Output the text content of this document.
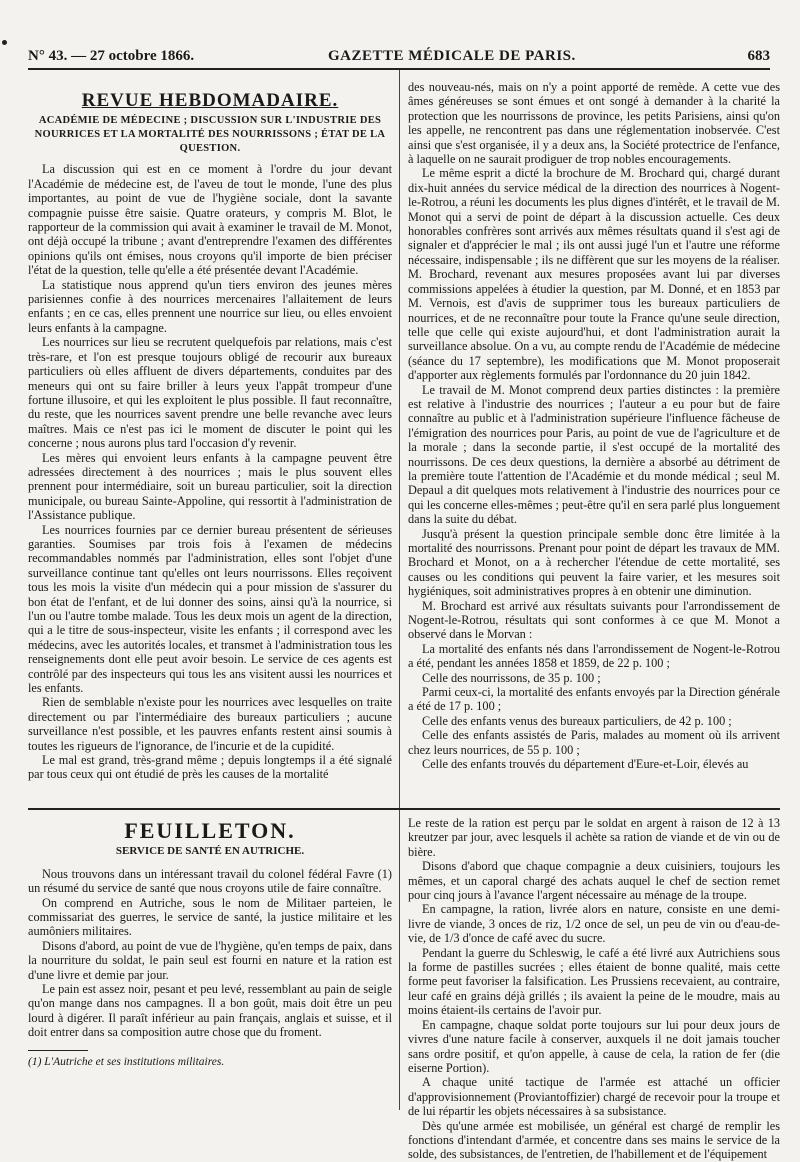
N° 43. — 27 octobre 1866.	GAZETTE MÉDICALE DE PARIS.	683
REVUE HEBDOMADAIRE.
ACADÉMIE DE MÉDECINE ; DISCUSSION SUR L'INDUSTRIE DES NOURRICES ET LA MORTALITÉ DES NOURRISSONS ; ÉTAT DE LA QUESTION.

La discussion qui est en ce moment à l'ordre du jour devant l'Académie de médecine est, de l'aveu de tout le monde, l'une des plus importantes, au point de vue de l'hygiène sociale, dont la savante compagnie puisse être saisie. Quatre orateurs, y compris M. Blot, le rapporteur de la commission qui avait à examiner le travail de M. Monot, ont déjà occupé la tribune ; avant d'entreprendre l'examen des différentes opinions qu'ils ont émises, nous croyons qu'il importe de bien préciser l'état de la question, telle qu'elle a été présentée devant l'Académie.

La statistique nous apprend qu'un tiers environ des jeunes mères parisiennes confie à des nourrices mercenaires l'allaitement de leurs enfants ; en ce cas, elles prennent une nourrice sur lieu, ou elles envoient leurs enfants à la campagne.

Les nourrices sur lieu se recrutent quelquefois par relations, mais c'est très-rare, et l'on est presque toujours obligé de recourir aux bureaux particuliers où elles affluent de divers départements, conduites par des meneurs qui ont su faire briller à leurs yeux l'appât trompeur d'une fortune illusoire, et qui les exploitent le plus possible. Il faut reconnaître, du reste, que les nourrices savent prendre une belle revanche avec leurs maîtres. Mais ce n'est pas ici le moment de discuter le point qui les concerne ; nous aurons plus tard l'occasion d'y revenir.

Les mères qui envoient leurs enfants à la campagne peuvent être adressées directement à des nourrices ; mais le plus souvent elles prennent pour intermédiaire, soit un bureau particulier, soit la direction municipale, ou bureau Sainte-Appoline, qui ressortit à l'administration de l'Assistance publique.

Les nourrices fournies par ce dernier bureau présentent de sérieuses garanties. Soumises par trois fois à l'examen de médecins recommandables nommés par l'administration, elles sont l'objet d'une surveillance continue tant qu'elles ont leurs nourrissons. Elles reçoivent tous les mois la visite d'un médecin qui a pour mission de s'assurer du bon état de l'enfant, et de lui donner des soins, ainsi qu'à la nourrice, si l'un ou l'autre tombe malade. Tous les deux mois un agent de la direction, qui a le titre de sous-inspecteur, visite les enfants ; il correspond avec les médecins, avec les autorités locales, et transmet à l'administration tous les renseignements dont elle peut avoir besoin. Le service de ces agents est contrôlé par des inspecteurs qui tous les ans visitent aussi les nourrices et les enfants.

Rien de semblable n'existe pour les nourrices avec lesquelles on traite directement ou par l'intermédiaire des bureaux particuliers ; aucune surveillance n'est possible, et les pauvres enfants restent ainsi soumis à toutes les rigueurs de l'ignorance, de l'incurie et de la cupidité.

Le mal est grand, très-grand même ; depuis longtemps il a été signalé par tous ceux qui ont étudié de près les causes de la mortalité

des nouveau-nés, mais on n'y a point apporté de remède. A cette vue des âmes généreuses se sont émues et ont songé à demander à la charité la protection que les nourrissons de province, les petits Parisiens, ainsi qu'on les appelle, ne rencontrent pas dans une réglementation inobservée. C'est ainsi que s'est organisée, il y a deux ans, la Société protectrice de l'enfance, à laquelle on ne saurait prodiguer de trop nobles encouragements.

Le même esprit a dicté la brochure de M. Brochard qui, chargé durant dix-huit années du service médical de la direction des nourrices à Nogent-le-Rotrou, a réuni les documents les plus dignes d'intérêt, et le travail de M. Monot qui a servi de point de départ à la discussion actuelle. Ces deux honorables confrères sont arrivés aux mêmes résultats quand il s'est agi de signaler et d'apprécier le mal ; ils ont aussi jugé l'un et l'autre une réforme nécessaire, indispensable ; ils ne diffèrent que sur les moyens de la réaliser. M. Brochard, revenant aux mesures proposées avant lui par diverses commissions appelées à étudier la question, par M. Donné, et en 1853 par M. Vernois, est d'avis de supprimer tous les bureaux particuliers de nourrices, et de ne reconnaître pour toute la France qu'une seule direction, telle que celle qui existe aujourd'hui, et dont l'administration aurait la surveillance absolue. On a vu, au compte rendu de l'Académie de médecine (séance du 17 septembre), les modifications que M. Monot proposerait d'apporter aux règlements formulés par l'ordonnance du 20 juin 1842.

Le travail de M. Monot comprend deux parties distinctes : la première est relative à l'industrie des nourrices ; l'auteur a eu pour but de faire connaître au public et à l'administration supérieure l'influence fâcheuse de l'émigration des nourrices pour Paris, au point de vue de l'agriculture et de la morale ; dans la seconde partie, il s'est occupé de la mortalité des nourrissons. De ces deux questions, la dernière a absorbé au détriment de la première toute l'attention de l'Académie et du monde médical ; seul M. Depaul a dit quelques mots relativement à l'industrie des nourrices pour ce qui les concerne elles-mêmes ; peut-être qu'il en sera parlé plus longuement dans la suite du débat.

Jusqu'à présent la question principale semble donc être limitée à la mortalité des nourrissons. Prenant pour point de départ les travaux de MM. Brochard et Monot, on a à rechercher l'étendue de cette mortalité, ses causes ou les conditions qui peuvent la faire varier, et les mesures soit hygiéniques, soit administratives propres à en obtenir une diminution.

M. Brochard est arrivé aux résultats suivants pour l'arrondissement de Nogent-le-Rotrou, résultats qui sont conformes à ce que M. Monot a observé dans le Morvan :

La mortalité des enfants nés dans l'arrondissement de Nogent-le-Rotrou a été, pendant les années 1858 et 1859, de 22 p. 100 ;

Celle des nourrissons, de 35 p. 100 ;

Parmi ceux-ci, la mortalité des enfants envoyés par la Direction générale a été de 17 p. 100 ;

Celle des enfants venus des bureaux particuliers, de 42 p. 100 ;

Celle des enfants assistés de Paris, malades au moment où ils arrivent chez leurs nourrices, de 55 p. 100 ;

Celle des enfants trouvés du département d'Eure-et-Loir, élevés au

FEUILLETON.
SERVICE DE SANTÉ EN AUTRICHE.

Nous trouvons dans un intéressant travail du colonel fédéral Favre (1) un résumé du service de santé que nous croyons utile de faire connaître.

On comprend en Autriche, sous le nom de Militaer parteien, le commissariat des guerres, le service de santé, la justice militaire et les aumôniers militaires.

Disons d'abord, au point de vue de l'hygiène, qu'en temps de paix, dans la nourriture du soldat, le pain seul est fourni en nature et la ration est d'une livre et demie par jour.

Le pain est assez noir, pesant et peu levé, ressemblant au pain de seigle qu'on mange dans nos campagnes. Il a bon goût, mais doit être un peu lourd à digérer. Il paraît inférieur au pain français, anglais et suisse, et il doit entrer dans sa composition autre chose que du froment.

(1) L'Autriche et ses institutions militaires.

Le reste de la ration est perçu par le soldat en argent à raison de 12 à 13 kreutzer par jour, avec lesquels il achète sa ration de viande et de vin ou de bière.

Disons d'abord que chaque compagnie a deux cuisiniers, toujours les mêmes, et un caporal chargé des achats auquel le chef de section remet pour cinq jours à l'avance l'argent nécessaire au ménage de la troupe.

En campagne, la ration, livrée alors en nature, consiste en une demi-livre de viande, 3 onces de riz, 1/2 once de sel, un peu de vin ou d'eau-de-vie, de 1/3 d'once de café avec du sucre.

Pendant la guerre du Schleswig, le café a été livré aux Autrichiens sous la forme de pastilles sucrées ; elles étaient de bonne qualité, mais cette forme peut favoriser la falsification. Les Prussiens recevaient, au contraire, leur café en grains déjà grillés ; ils avaient la peine de le moudre, mais au moins étaient-ils certains de l'avoir pur.

En campagne, chaque soldat porte toujours sur lui pour deux jours de vivres d'une nature facile à conserver, auxquels il ne doit jamais toucher sans ordre positif, et qu'on appelle, à cause de cela, la ration de fer (die eiserne Portion).

A chaque unité tactique de l'armée est attaché un officier d'approvisionnement (Proviantoffizier) chargé de recevoir pour la troupe et de lui répartir les objets nécessaires à sa subsistance.

Dès qu'une armée est mobilisée, un général est chargé de remplir les fonctions d'intendant d'armée, et concentre dans ses mains le service de la solde, des subsistances, de l'entretien, de l'habillement et de l'équipement
